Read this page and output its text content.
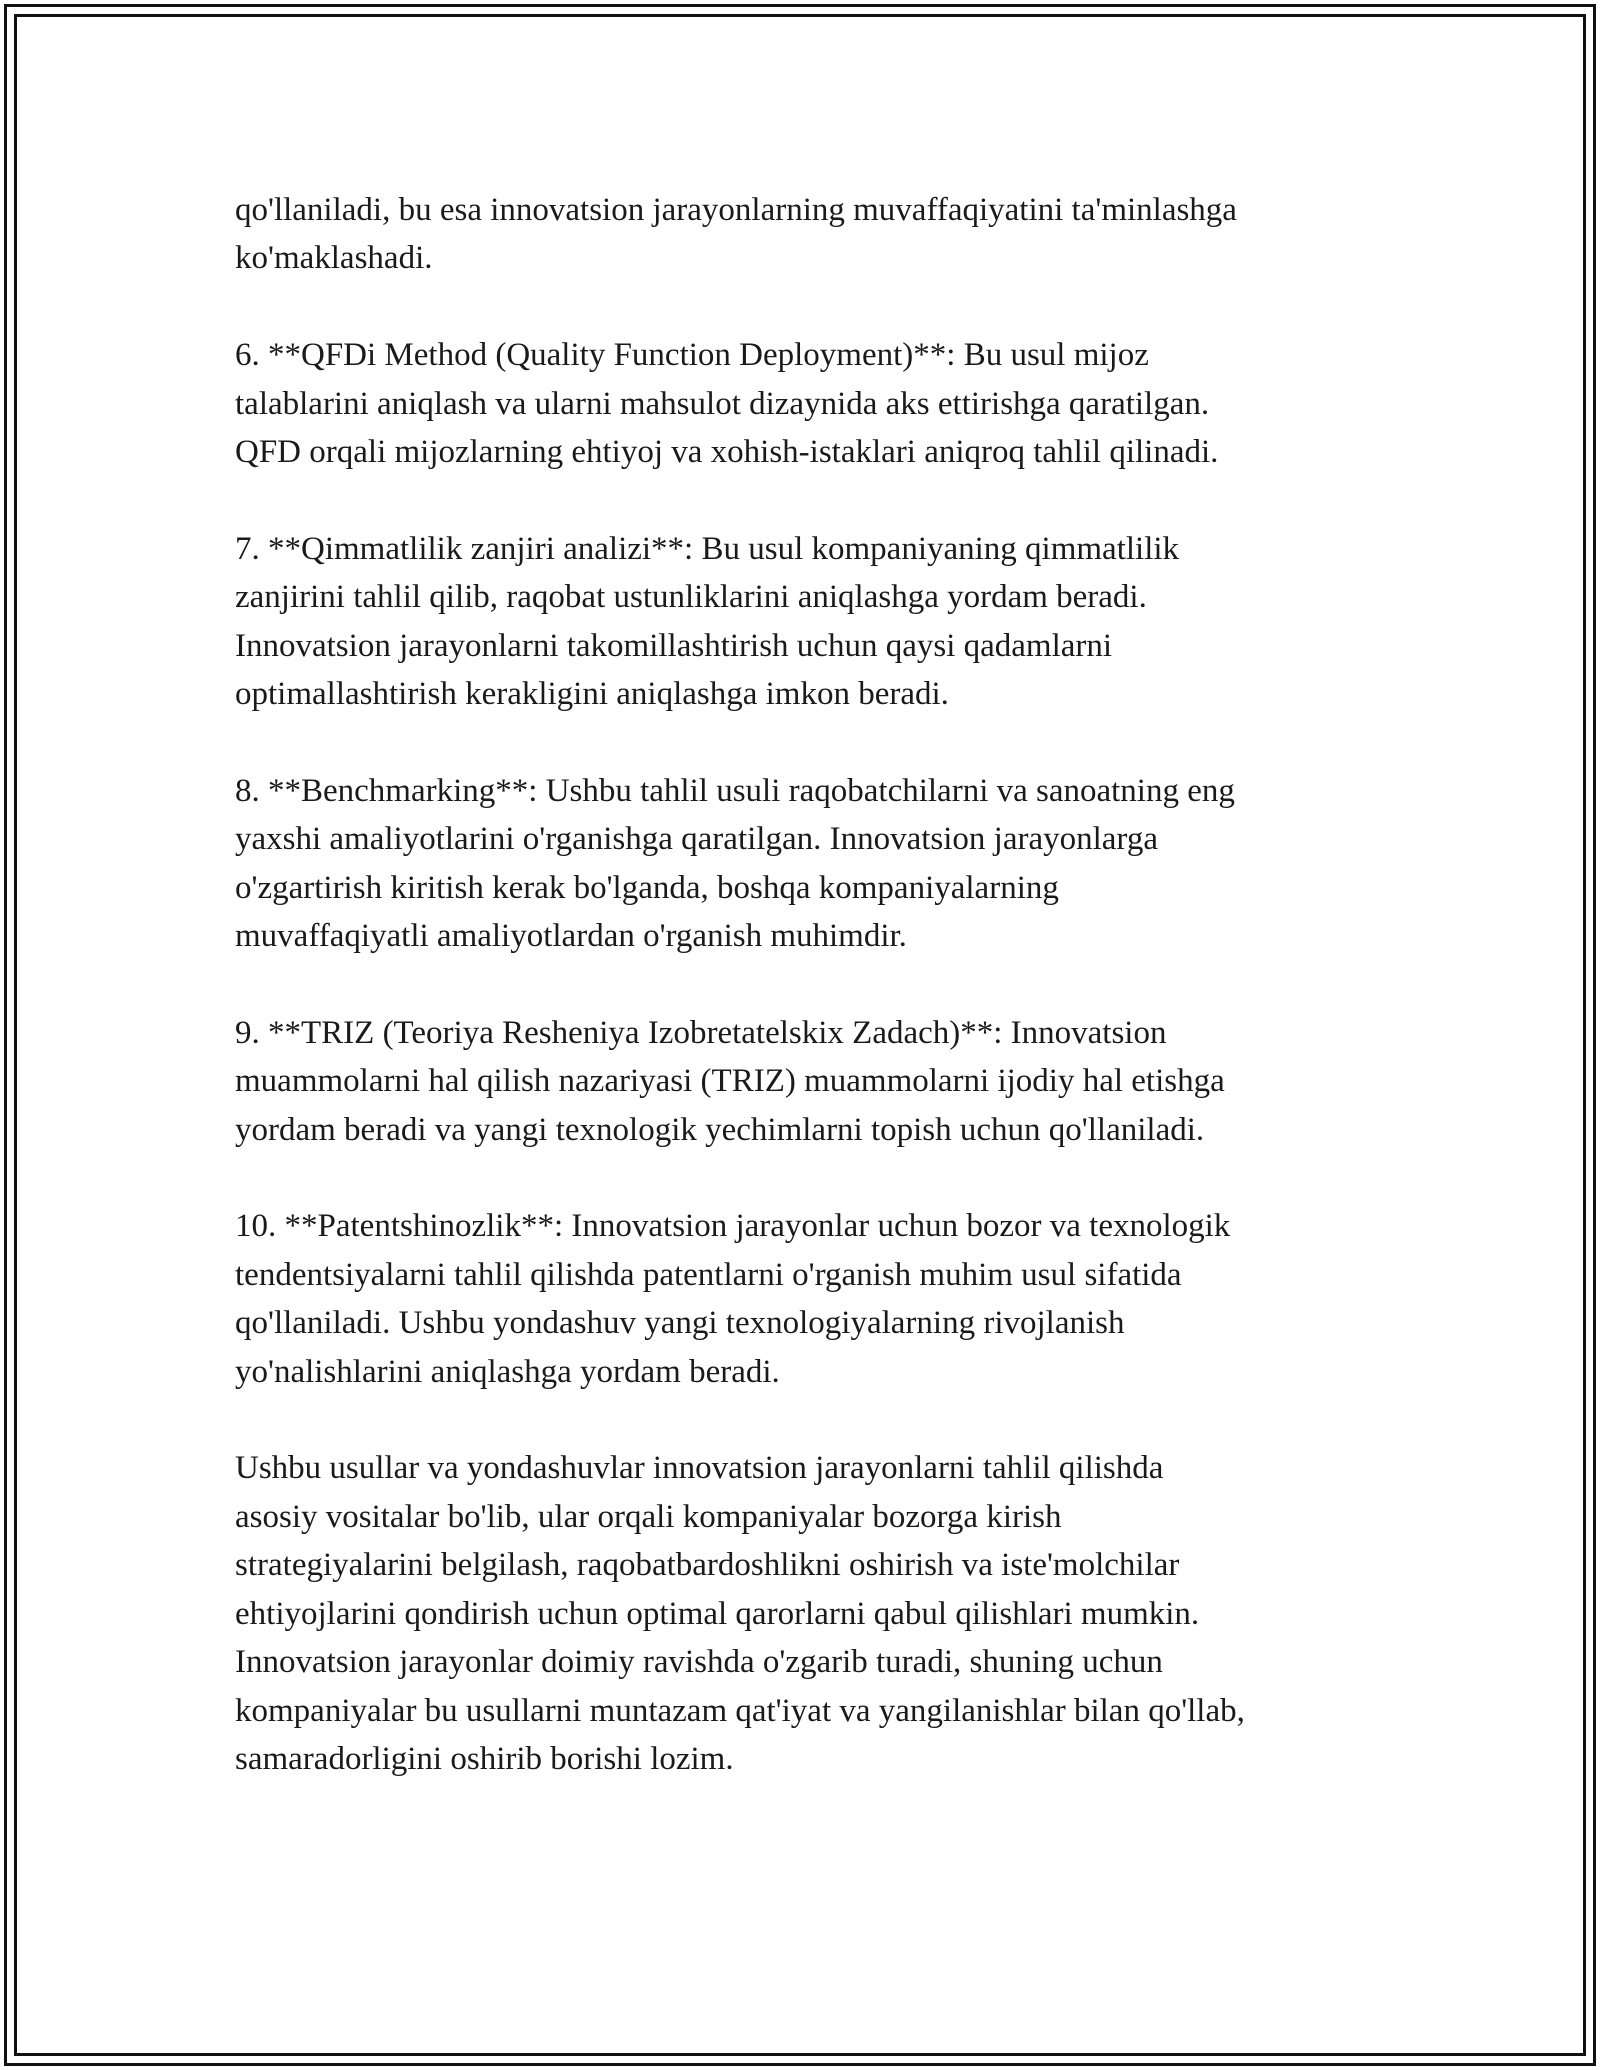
qo'llaniladi, bu esa innovatsion jarayonlarning muvaffaqiyatini ta'minlashga
ko'maklashadi.

6. **QFDi Method (Quality Function Deployment)**: Bu usul mijoz
talablarini aniqlash va ularni mahsulot dizaynida aks ettirishga qaratilgan.
QFD orqali mijozlarning ehtiyoj va xohish-istaklari aniqroq tahlil qilinadi.

7. **Qimmatlilik zanjiri analizi**: Bu usul kompaniyaning qimmatlilik
zanjirini tahlil qilib, raqobat ustunliklarini aniqlashga yordam beradi.
Innovatsion jarayonlarni takomillashtirish uchun qaysi qadamlarni
optimallashtirish kerakligini aniqlashga imkon beradi.

8. **Benchmarking**: Ushbu tahlil usuli raqobatchilarni va sanoatning eng
yaxshi amaliyotlarini o'rganishga qaratilgan. Innovatsion jarayonlarga
o'zgartirish kiritish kerak bo'lganda, boshqa kompaniyalarning
muvaffaqiyatli amaliyotlardan o'rganish muhimdir.

9. **TRIZ (Teoriya Resheniya Izobretatelskix Zadach)**: Innovatsion
muammolarni hal qilish nazariyasi (TRIZ) muammolarni ijodiy hal etishga
yordam beradi va yangi texnologik yechimlarni topish uchun qo'llaniladi.

10. **Patentshinozlik**: Innovatsion jarayonlar uchun bozor va texnologik
tendentsiyalarni tahlil qilishda patentlarni o'rganish muhim usul sifatida
qo'llaniladi. Ushbu yondashuv yangi texnologiyalarning rivojlanish
yo'nalishlarini aniqlashga yordam beradi.

Ushbu usullar va yondashuvlar innovatsion jarayonlarni tahlil qilishda
asosiy vositalar bo'lib, ular orqali kompaniyalar bozorga kirish
strategiyalarini belgilash, raqobatbardoshlikni oshirish va iste'molchilar
ehtiyojlarini qondirish uchun optimal qarorlarni qabul qilishlari mumkin.
Innovatsion jarayonlar doimiy ravishda o'zgarib turadi, shuning uchun
kompaniyalar bu usullarni muntazam qat'iyat va yangilanishlar bilan qo'llab,
samaradorligini oshirib borishi lozim.
